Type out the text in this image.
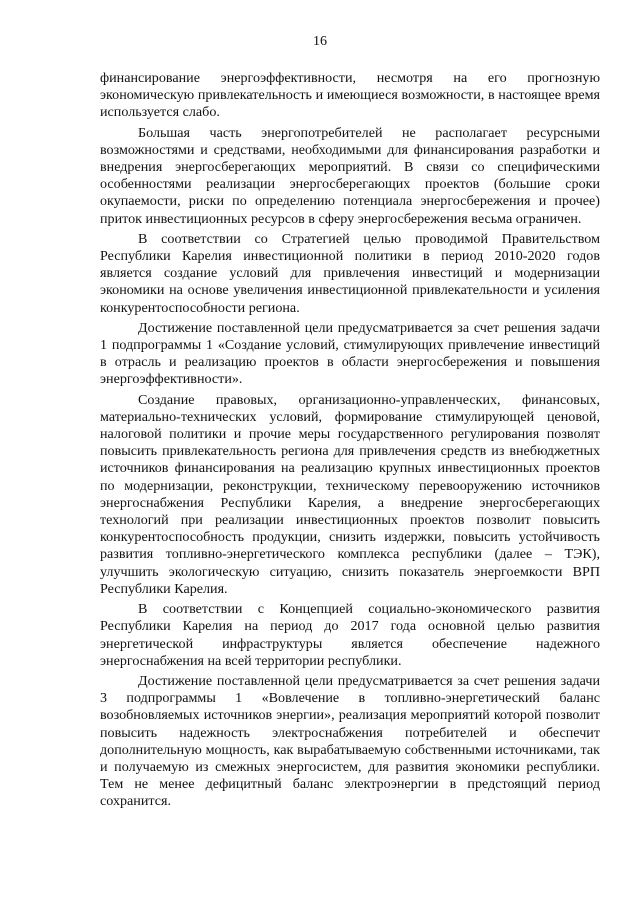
16

финансирование энергоэффективности, несмотря на его прогнозную экономическую привлекательность и имеющиеся возможности, в настоящее время используется слабо.

Большая часть энергопотребителей не располагает ресурсными возможностями и средствами, необходимыми для финансирования разработки и внедрения энергосберегающих мероприятий. В связи со специфическими особенностями реализации энергосберегающих проектов (большие сроки окупаемости, риски по определению потенциала энергосбережения и прочее) приток инвестиционных ресурсов в сферу энергосбережения весьма ограничен.

В соответствии со Стратегией целью проводимой Правительством Республики Карелия инвестиционной политики в период 2010-2020 годов является создание условий для привлечения инвестиций и модернизации экономики на основе увеличения инвестиционной привлекательности и усиления конкурентоспособности региона.

Достижение поставленной цели предусматривается за счет решения задачи 1 подпрограммы 1 «Создание условий, стимулирующих привлечение инвестиций в отрасль и реализацию проектов в области энергосбережения и повышения энергоэффективности».

Создание правовых, организационно-управленческих, финансовых, материально-технических условий, формирование стимулирующей ценовой, налоговой политики и прочие меры государственного регулирования позволят повысить привлекательность региона для привлечения средств из внебюджетных источников финансирования на реализацию крупных инвестиционных проектов по модернизации, реконструкции, техническому перевооружению источников энергоснабжения Республики Карелия, а внедрение энергосберегающих технологий при реализации инвестиционных проектов позволит повысить конкурентоспособность продукции, снизить издержки, повысить устойчивость развития топливно-энергетического комплекса республики (далее – ТЭК), улучшить экологическую ситуацию, снизить показатель энергоемкости ВРП Республики Карелия.

В соответствии с Концепцией социально-экономического развития Республики Карелия на период до 2017 года основной целью развития энергетической инфраструктуры является обеспечение надежного энергоснабжения на всей территории республики.

Достижение поставленной цели предусматривается за счет решения задачи 3 подпрограммы 1 «Вовлечение в топливно-энергетический баланс возобновляемых источников энергии», реализация мероприятий которой позволит повысить надежность электроснабжения потребителей и обеспечит дополнительную мощность, как вырабатываемую собственными источниками, так и получаемую из смежных энергосистем, для развития экономики республики. Тем не менее дефицитный баланс электроэнергии в предстоящий период сохранится.
